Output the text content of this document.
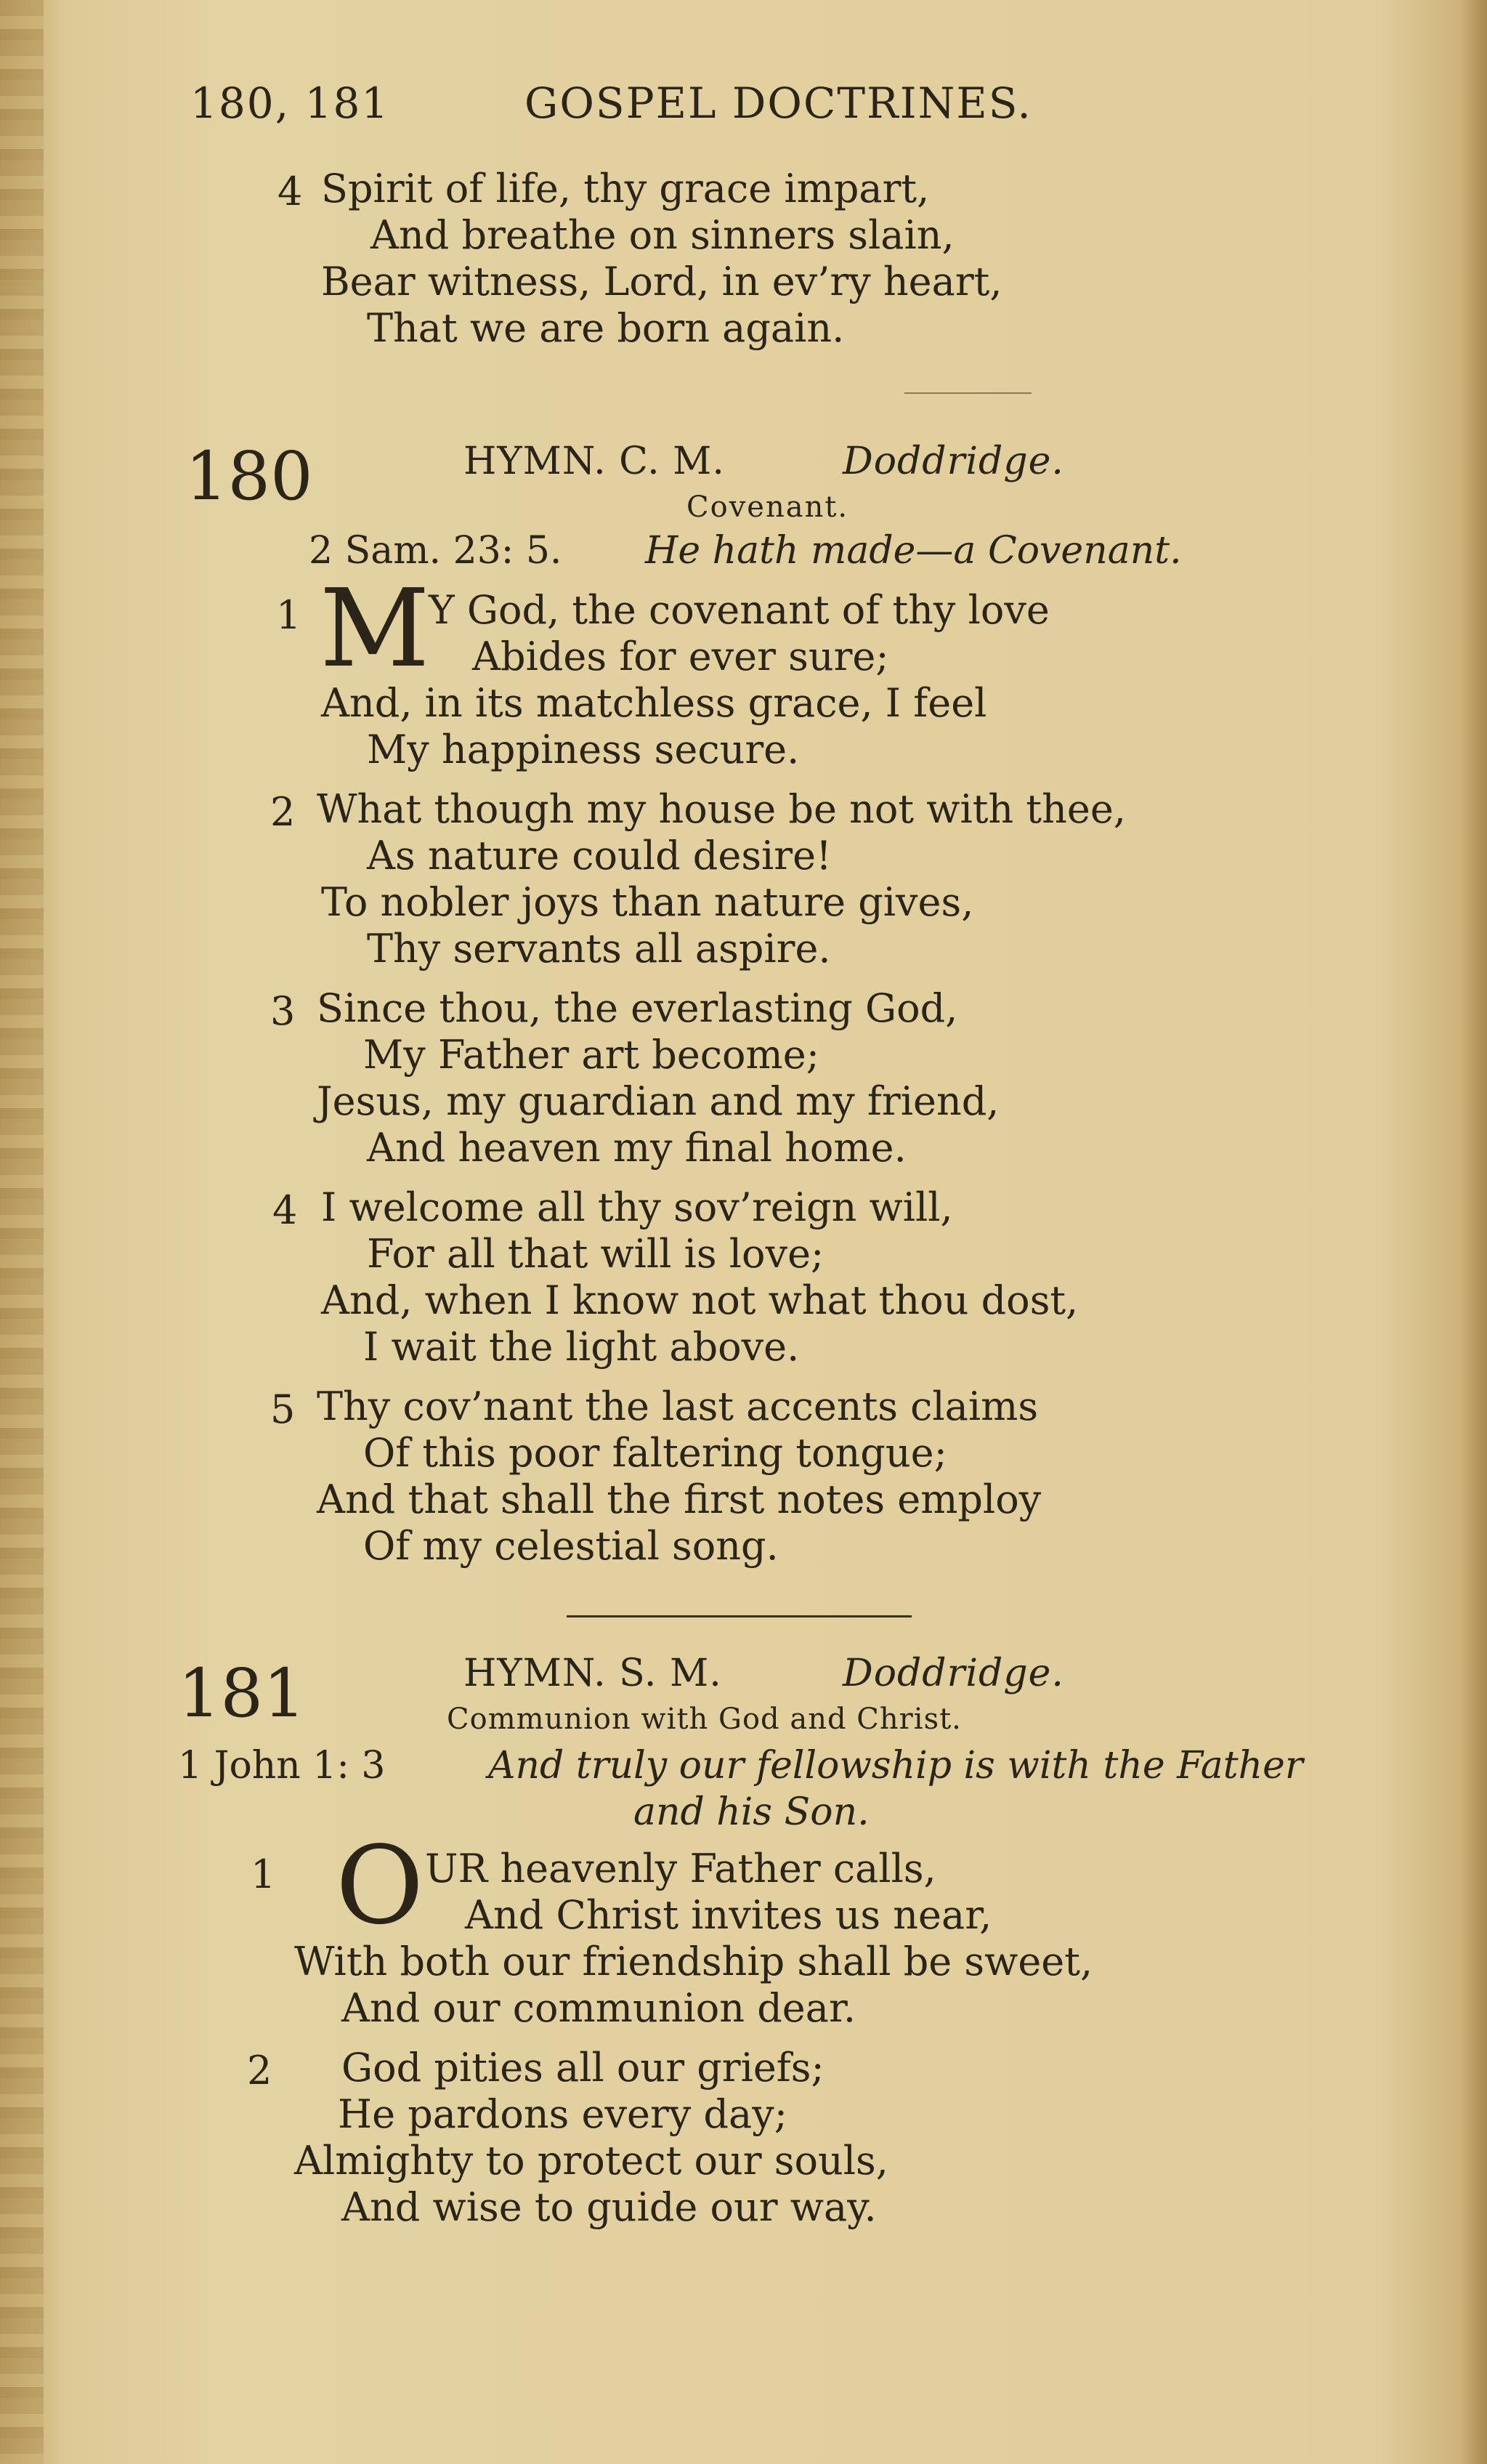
180, 181	GOSPEL DOCTRINES.
4 Spirit of life, thy grace impart,
And breathe on sinners slain,
Bear witness, Lord, in ev’ry heart,
That we are born again.
180	HYMN. C. M.	Doddridge.
Covenant.
2 Sam. 23: 5. He hath made—a Covenant.
1 M
Y God, the covenant of thy love
Abides for ever sure;
And, in its matchless grace, I feel
My happiness secure.
2 What though my house be not with thee,
As nature could desire!
To nobler joys than nature gives,
Thy servants all aspire.
3 Since thou, the everlasting God,
My Father art become;
Jesus, my guardian and my friend,
And heaven my final home.
4 I welcome all thy sov’reign will,
For all that will is love;
And, when I know not what thou dost,
I wait the light above.
5 Thy cov’nant the last accents claims
Of this poor faltering tongue;
And that shall the first notes employ
Of my celestial song.
181	HYMN. S. M.	Doddridge.
Communion with God and Christ.
1 John 1: 3	And truly our fellowship is with the Father
and his Son.
1 O UR heavenly Father calls,
And Christ invites us near,
With both our friendship shall be sweet,
And our communion dear.
2 God pities all our griefs;
He pardons every day;
Almighty to protect our souls,
And wise to guide our way.
